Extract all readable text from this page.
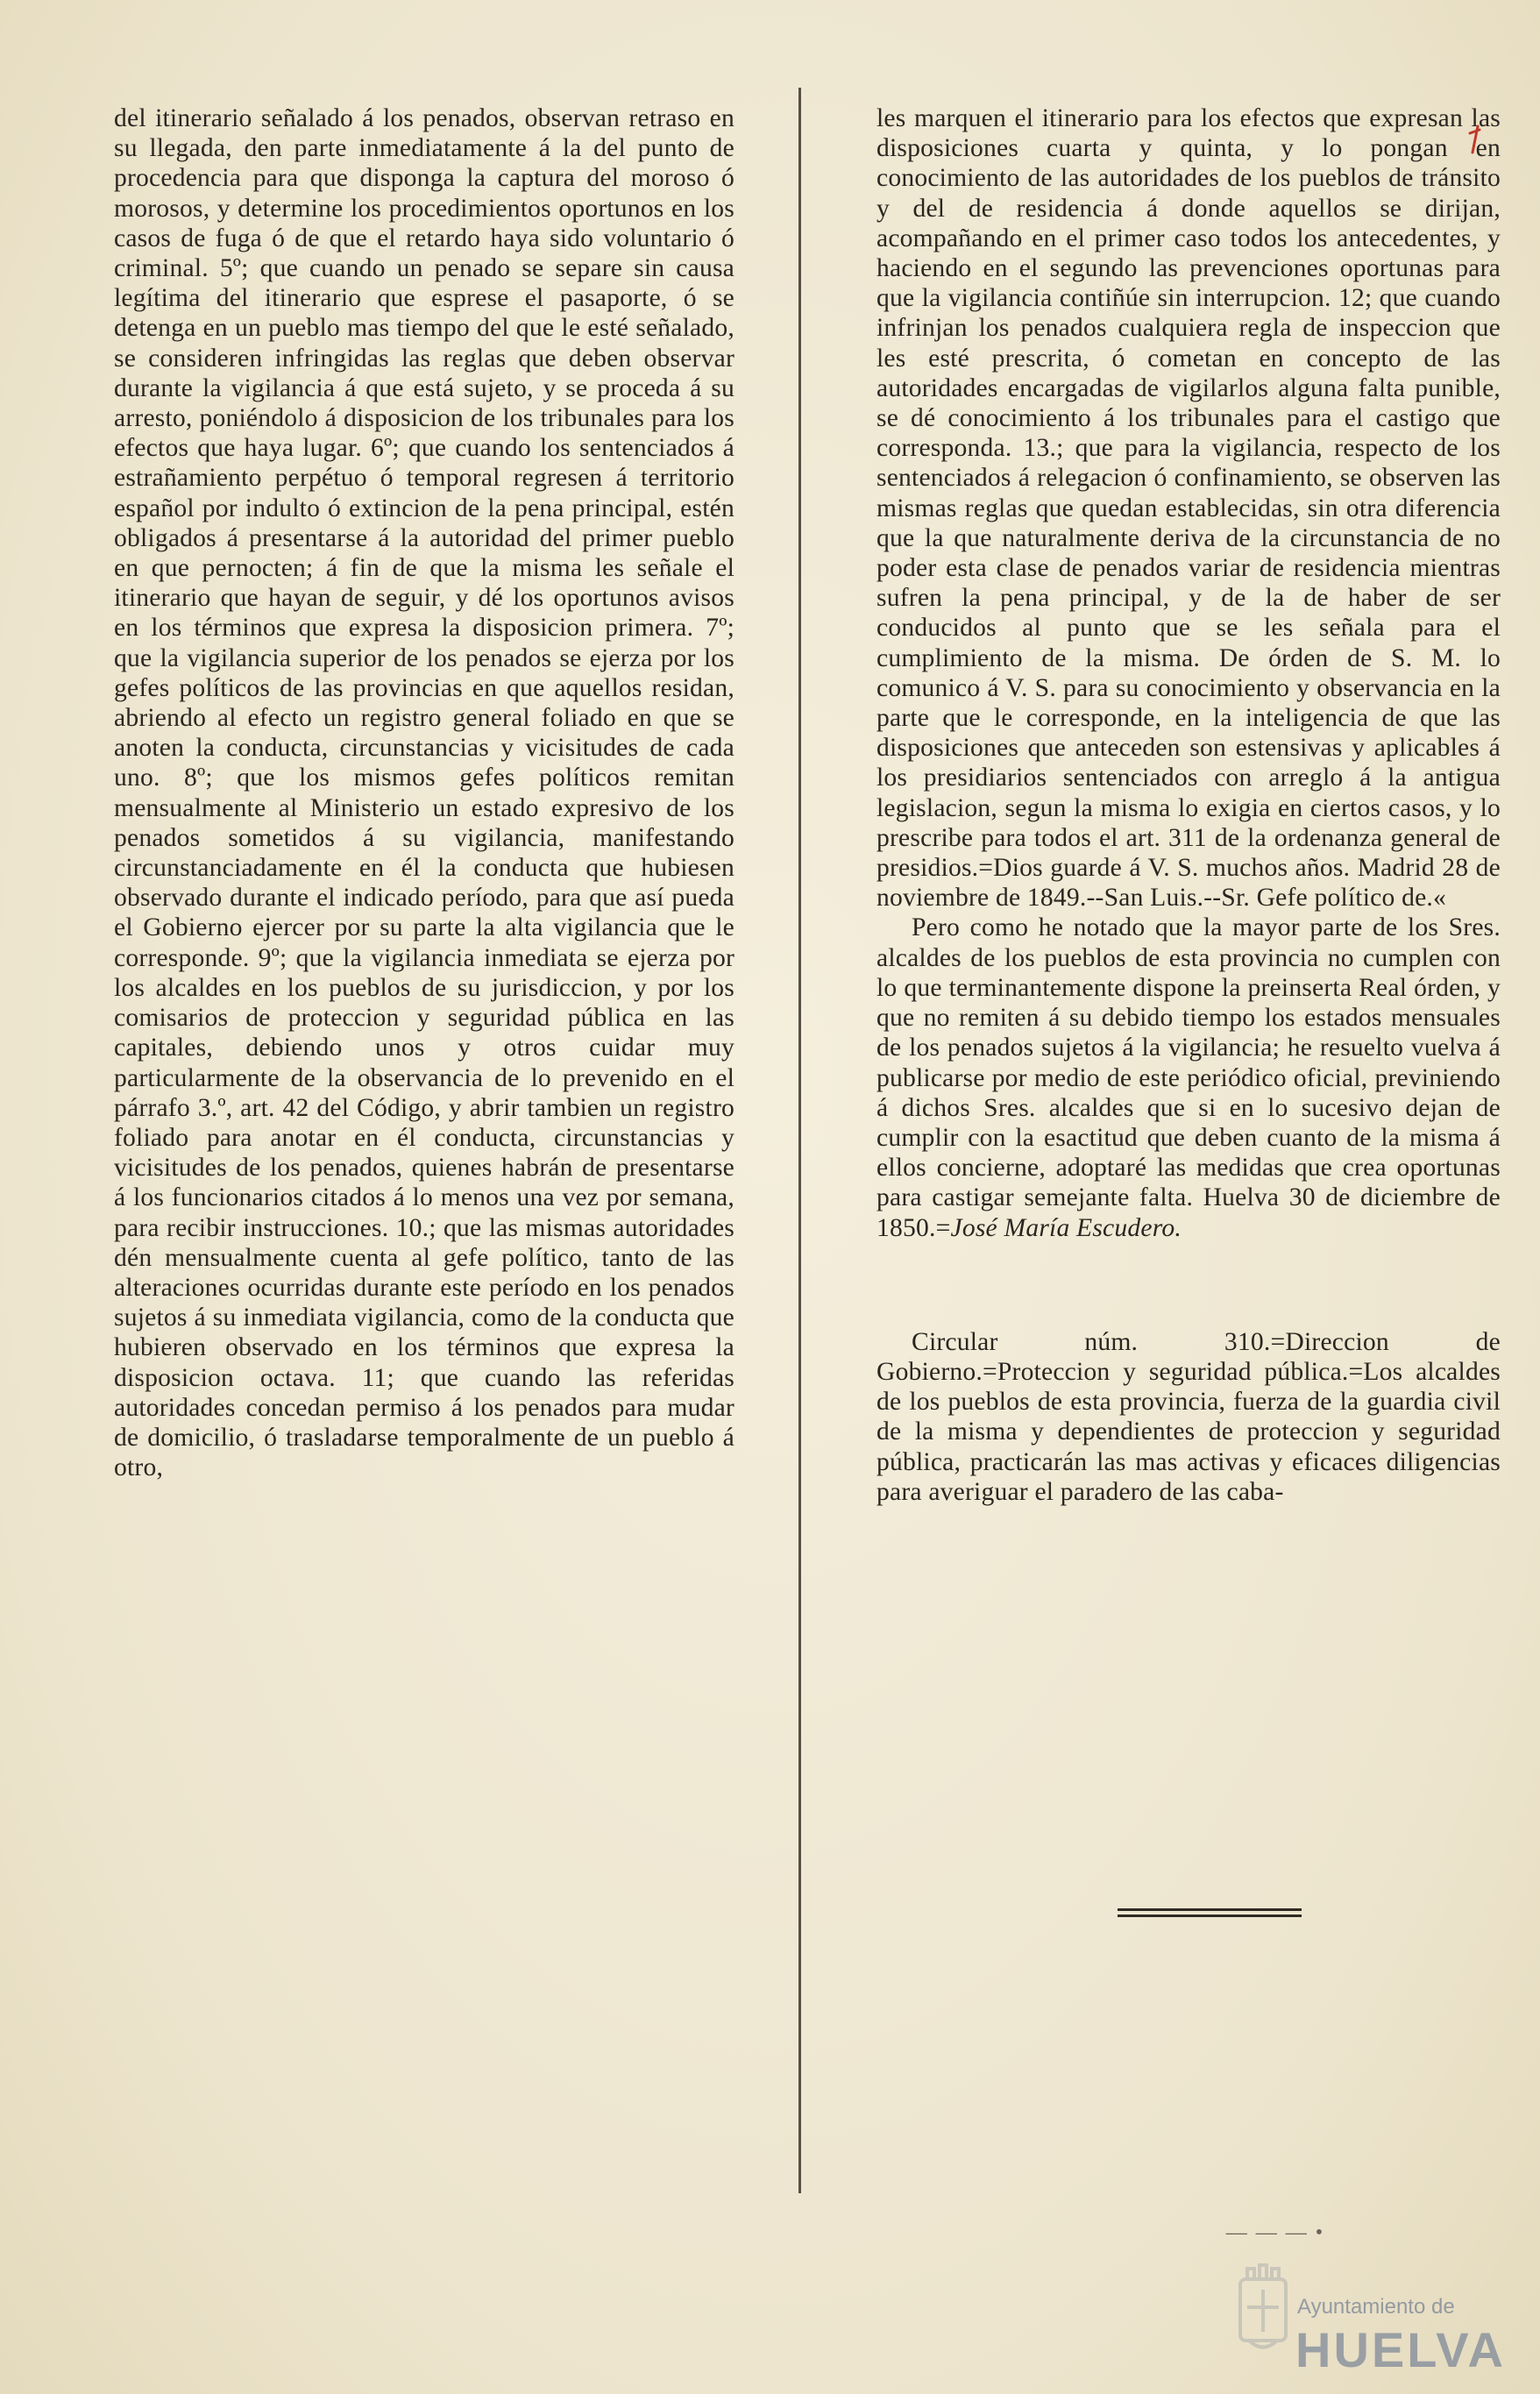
del itinerario señalado á los penados, observan retraso en su llegada, den parte inmediatamente á la del punto de procedencia para que disponga la captura del moroso ó morosos, y determine los procedimientos oportunos en los casos de fuga ó de que el retardo haya sido voluntario ó criminal. 5º; que cuando un penado se separe sin causa legítima del itinerario que esprese el pasaporte, ó se detenga en un pueblo mas tiempo del que le esté señalado, se consideren infringidas las reglas que deben observar durante la vigilancia á que está sujeto, y se proceda á su arresto, poniéndolo á disposicion de los tribunales para los efectos que haya lugar. 6º; que cuando los sentenciados á estrañamiento perpétuo ó temporal regresen á territorio español por indulto ó extincion de la pena principal, estén obligados á presentarse á la autoridad del primer pueblo en que pernocten; á fin de que la misma les señale el itinerario que hayan de seguir, y dé los oportunos avisos en los términos que expresa la disposicion primera. 7º; que la vigilancia superior de los penados se ejerza por los gefes políticos de las provincias en que aquellos residan, abriendo al efecto un registro general foliado en que se anoten la conducta, circunstancias y vicisitudes de cada uno. 8º; que los mismos gefes políticos remitan mensualmente al Ministerio un estado expresivo de los penados sometidos á su vigilancia, manifestando circunstanciadamente en él la conducta que hubiesen observado durante el indicado período, para que así pueda el Gobierno ejercer por su parte la alta vigilancia que le corresponde. 9º; que la vigilancia inmediata se ejerza por los alcaldes en los pueblos de su jurisdiccion, y por los comisarios de proteccion y seguridad pública en las capitales, debiendo unos y otros cuidar muy particularmente de la observancia de lo prevenido en el párrafo 3.º, art. 42 del Código, y abrir tambien un registro foliado para anotar en él conducta, circunstancias y vicisitudes de los penados, quienes habrán de presentarse á los funcionarios citados á lo menos una vez por semana, para recibir instrucciones. 10.; que las mismas autoridades dén mensualmente cuenta al gefe político, tanto de las alteraciones ocurridas durante este período en los penados sujetos á su inmediata vigilancia, como de la conducta que hubieren observado en los términos que expresa la disposicion octava. 11; que cuando las referidas autoridades concedan permiso á los penados para mudar de domicilio, ó trasladarse temporalmente de un pueblo á otro,

les marquen el itinerario para los efectos que expresan las disposiciones cuarta y quinta, y lo pongan en conocimiento de las autoridades de los pueblos de tránsito y del de residencia á donde aquellos se dirijan, acompañando en el primer caso todos los antecedentes, y haciendo en el segundo las prevenciones oportunas para que la vigilancia contiñúe sin interrupcion. 12; que cuando infrinjan los penados cualquiera regla de inspeccion que les esté prescrita, ó cometan en concepto de las autoridades encargadas de vigilarlos alguna falta punible, se dé conocimiento á los tribunales para el castigo que corresponda. 13.; que para la vigilancia, respecto de los sentenciados á relegacion ó confinamiento, se observen las mismas reglas que quedan establecidas, sin otra diferencia que la que naturalmente deriva de la circunstancia de no poder esta clase de penados variar de residencia mientras sufren la pena principal, y de la de haber de ser conducidos al punto que se les señala para el cumplimiento de la misma. De órden de S. M. lo comunico á V. S. para su conocimiento y observancia en la parte que le corresponde, en la inteligencia de que las disposiciones que anteceden son estensivas y aplicables á los presidiarios sentenciados con arreglo á la antigua legislacion, segun la misma lo exigia en ciertos casos, y lo prescribe para todos el art. 311 de la ordenanza general de presidios.=Dios guarde á V. S. muchos años. Madrid 28 de noviembre de 1849.--San Luis.--Sr. Gefe político de.«

Pero como he notado que la mayor parte de los Sres. alcaldes de los pueblos de esta provincia no cumplen con lo que terminantemente dispone la preinserta Real órden, y que no remiten á su debido tiempo los estados mensuales de los penados sujetos á la vigilancia; he resuelto vuelva á publicarse por medio de este periódico oficial, previniendo á dichos Sres. alcaldes que si en lo sucesivo dejan de cumplir con la esactitud que deben cuanto de la misma á ellos concierne, adoptaré las medidas que crea oportunas para castigar semejante falta. Huelva 30 de diciembre de 1850.=José María Escudero.

Circular núm. 310.=Direccion de Gobierno.=Proteccion y seguridad pública.=Los alcaldes de los pueblos de esta provincia, fuerza de la guardia civil de la misma y dependientes de proteccion y seguridad pública, practicarán las mas activas y eficaces diligencias para averiguar el paradero de las caba-

— — — •
Ayuntamiento de
HUELVA
